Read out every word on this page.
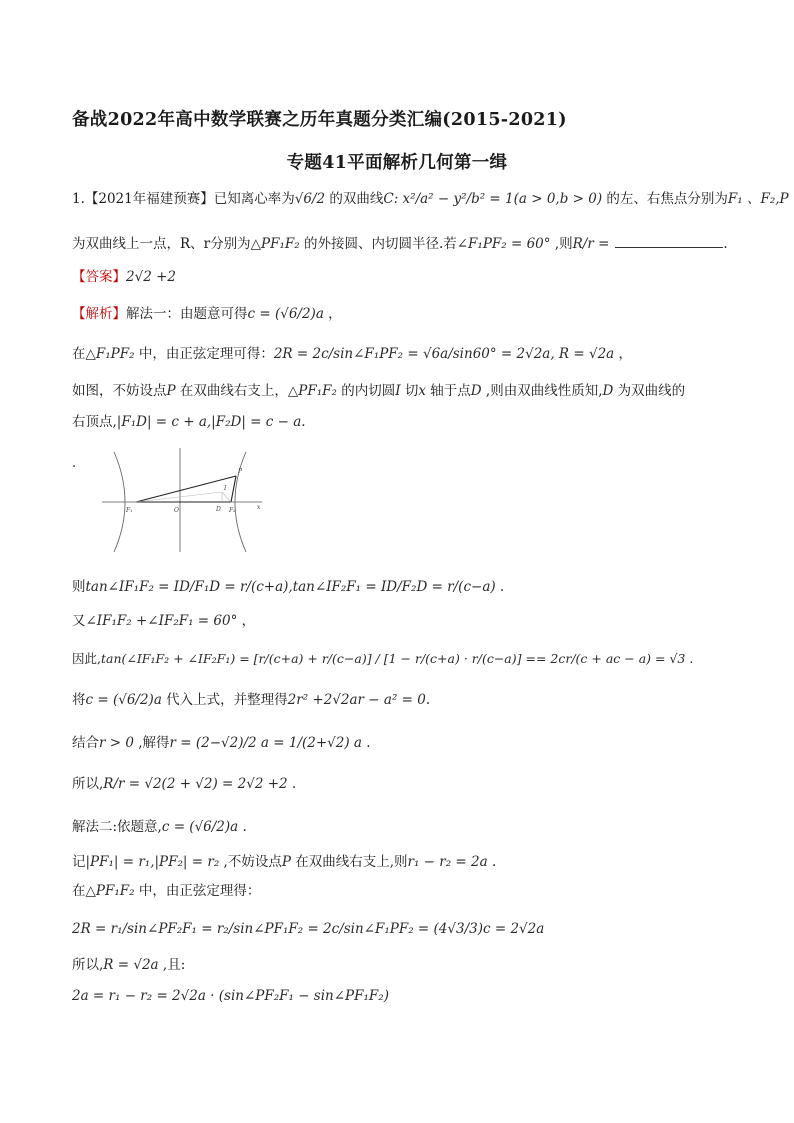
备战2022年高中数学联赛之历年真题分类汇编(2015-2021)
专题41平面解析几何第一缉
1.【2021年福建预赛】已知离心率为√6/2 的双曲线C: x²/a² − y²/b² = 1(a > 0,b > 0) 的左、右焦点分别为F₁ 、F₂,P
为双曲线上一点，R、r分别为△PF₁F₂ 的外接圆、内切圆半径.若∠F₁PF₂ = 60° ,则R/r =	.
【答案】2√2 +2
【解析】解法一：由题意可得c = (√6/2)a ，
在△F₁PF₂ 中，由正弦定理可得：2R = 2c/sin∠F₁PF₂ = √6a/sin60° = 2√2a, R = √2a ，
如图，不妨设点P 在双曲线右支上，△PF₁F₂ 的内切圆I 切x 轴于点D ,则由双曲线性质知,D 为双曲线的
右顶点,|F₁D| = c + a,|F₂D| = c − a.
.
F₁	O	D F₂
P
I
x
则tan∠IF₁F₂ = ID/F₁D = r/(c+a),tan∠IF₂F₁ = ID/F₂D = r/(c−a) .
又∠IF₁F₂ +∠IF₂F₁ = 60° ，
因此,tan(∠IF₁F₂ + ∠IF₂F₁) = [r/(c+a) + r/(c−a)] / [1 − r/(c+a) · r/(c−a)] == 2cr/(c + ac − a) = √3 .
将c = (√6/2)a 代入上式，并整理得2r² +2√2ar − a² = 0.
结合r > 0 ,解得r = (2−√2)/2 a = 1/(2+√2) a .
所以,R/r = √2(2 + √2) = 2√2 +2 .
解法二:依题意,c = (√6/2)a .
记|PF₁| = r₁,|PF₂| = r₂ ,不妨设点P 在双曲线右支上,则r₁ − r₂ = 2a .
在△PF₁F₂ 中，由正弦定理得：
2R = r₁/sin∠PF₂F₁ = r₂/sin∠PF₁F₂ = 2c/sin∠F₁PF₂ = (4√3/3)c = 2√2a
所以,R = √2a ,且:
2a = r₁ − r₂ = 2√2a · (sin∠PF₂F₁ − sin∠PF₁F₂)
